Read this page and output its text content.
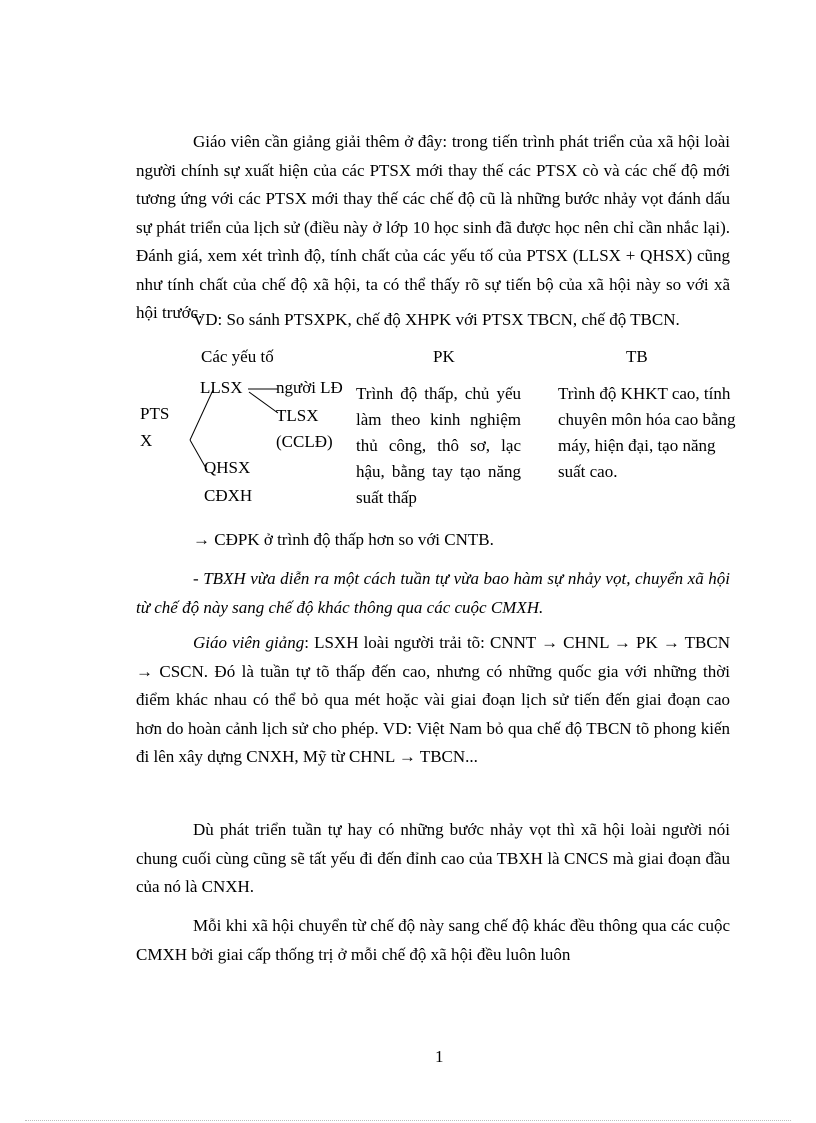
Giáo viên cần giảng giải thêm ở đây: trong tiến trình phát triển của xã hội loài người chính sự xuất hiện của các PTSX mới thay thế các PTSX cò và các chế độ mới tương ứng với các PTSX mới thay thế các chế độ cũ là những bước nhảy vọt đánh dấu sự phát triển của lịch sử (điều này ở lớp 10 học sinh đã được học nên chỉ cần nhắc lại). Đánh giá, xem xét trình độ, tính chất của các yếu tố của PTSX (LLSX + QHSX) cũng như tính chất của chế độ xã hội, ta có thể thấy rõ sự tiến bộ của xã hội này so với xã hội trước.

VD: So sánh PTSXPK, chế độ XHPK với PTSX TBCN, chế độ TBCN.

Các yếu tố	PK	TB
PTS
X
LLSX người LĐ
TLSX
(CCLĐ)
QHSX
CĐXH

Trình độ thấp, chủ yếu làm theo kinh nghiệm thủ công, thô sơ, lạc hậu, bằng tay tạo năng suất thấp

Trình độ KHKT cao, tính chuyên môn hóa cao bằng máy, hiện đại, tạo năng suất cao.

→ CĐPK ở trình độ thấp hơn so với CNTB.

- TBXH vừa diễn ra một cách tuần tự vừa bao hàm sự nhảy vọt, chuyển xã hội từ chế độ này sang chế độ khác thông qua các cuộc CMXH.

Giáo viên giảng: LSXH loài người trải tõ: CNNT → CHNL → PK → TBCN → CSCN. Đó là tuần tự tõ thấp đến cao, nhưng có những quốc gia với những thời điểm khác nhau có thể bỏ qua mét hoặc vài giai đoạn lịch sử tiến đến giai đoạn cao hơn do hoàn cảnh lịch sử cho phép. VD: Việt Nam bỏ qua chế độ TBCN tõ phong kiến đi lên xây dựng CNXH, Mỹ từ CHNL → TBCN...

Dù phát triển tuần tự hay có những bước nhảy vọt thì xã hội loài người nói chung cuối cùng cũng sẽ tất yếu đi đến đỉnh cao của TBXH là CNCS mà giai đoạn đầu của nó là CNXH.

Mỗi khi xã hội chuyển từ chế độ này sang chế độ khác đều thông qua các cuộc CMXH bởi giai cấp thống trị ở mỗi chế độ xã hội đều luôn luôn

1
